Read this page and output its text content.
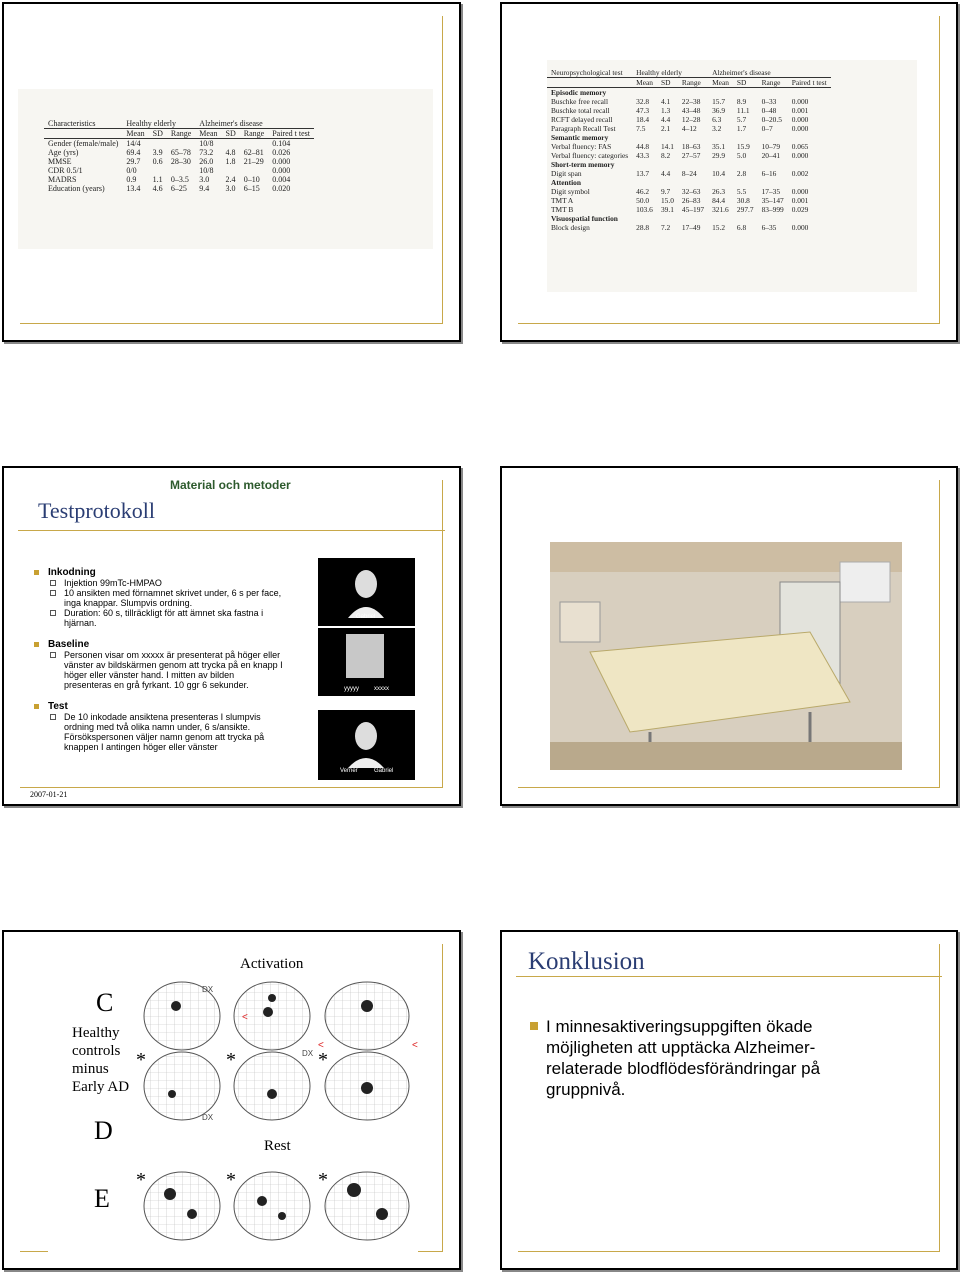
Characteristics	Healthy elderly			Alzheimer's disease			
	Mean	SD	Range	Mean	SD	Range	Paired t test
Gender (female/male)	14/4			10/8			0.104
Age (yrs)	69.4	3.9	65–78	73.2	4.8	62–81	0.026
MMSE	29.7	0.6	28–30	26.0	1.8	21–29	0.000
CDR 0.5/1	0/0			10/8			0.000
MADRS	0.9	1.1	0–3.5	3.0	2.4	0–10	0.004
Education (years)	13.4	4.6	6–25	9.4	3.0	6–15	0.020
Neuropsychological test	Healthy elderly			Alzheimer's disease			
	Mean	SD	Range	Mean	SD	Range	Paired t test
Episodic memory							
Buschke free recall	32.8	4.1	22–38	15.7	8.9	0–33	0.000
Buschke total recall	47.3	1.3	43–48	36.9	11.1	0–48	0.001
RCFT delayed recall	18.4	4.4	12–28	6.3	5.7	0–20.5	0.000
Paragraph Recall Test	7.5	2.1	4–12	3.2	1.7	0–7	0.000
Semantic memory							
Verbal fluency: FAS	44.8	14.1	18–63	35.1	15.9	10–79	0.065
Verbal fluency: categories	43.3	8.2	27–57	29.9	5.0	20–41	0.000
Short-term memory							
Digit span	13.7	4.4	8–24	10.4	2.8	6–16	0.002
Attention							
Digit symbol	46.2	9.7	32–63	26.3	5.5	17–35	0.000
TMT A	50.0	15.0	26–83	84.4	30.8	35–147	0.001
TMT B	103.6	39.1	45–197	321.6	297.7	83–999	0.029
Visuospatial function							
Block design	28.8	7.2	17–49	15.2	6.8	6–35	0.000
Material och metoder
Testprotokoll
Inkodning
Injektion 99mTc-HMPAO
10 ansikten med förnamnet skrivet under, 6 s per face, inga knappar. Slumpvis ordning.
Duration: 60 s, tillräckligt för att ämnet ska fastna i hjärnan.
Baseline
Personen visar om xxxxx är presenterat på höger eller vänster av bildskärmen genom att trycka på en knapp I höger eller vänster hand. I mitten av bilden presenteras en grå fyrkant. 10 ggr 6 sekunder.
Test
De 10 inkodade ansiktena presenteras I slumpvis ordning med två olika namn under, 6 s/ansikte. Försökspersonen väljer namn genom att trycka på knappen I antingen höger eller vänster
Gabriel
yyyyy	xxxxx
Verner	Gabriel
2007-01-21
Activation
Rest
C
Healthy controls minus Early AD
D
E
<
<	<
DX
DX
DX
*	*	*
*	*	*
Konklusion
I minnesaktiveringsuppgiften ökade möjligheten att upptäcka Alzheimer-relaterade blodflödesförändringar på gruppnivå.
